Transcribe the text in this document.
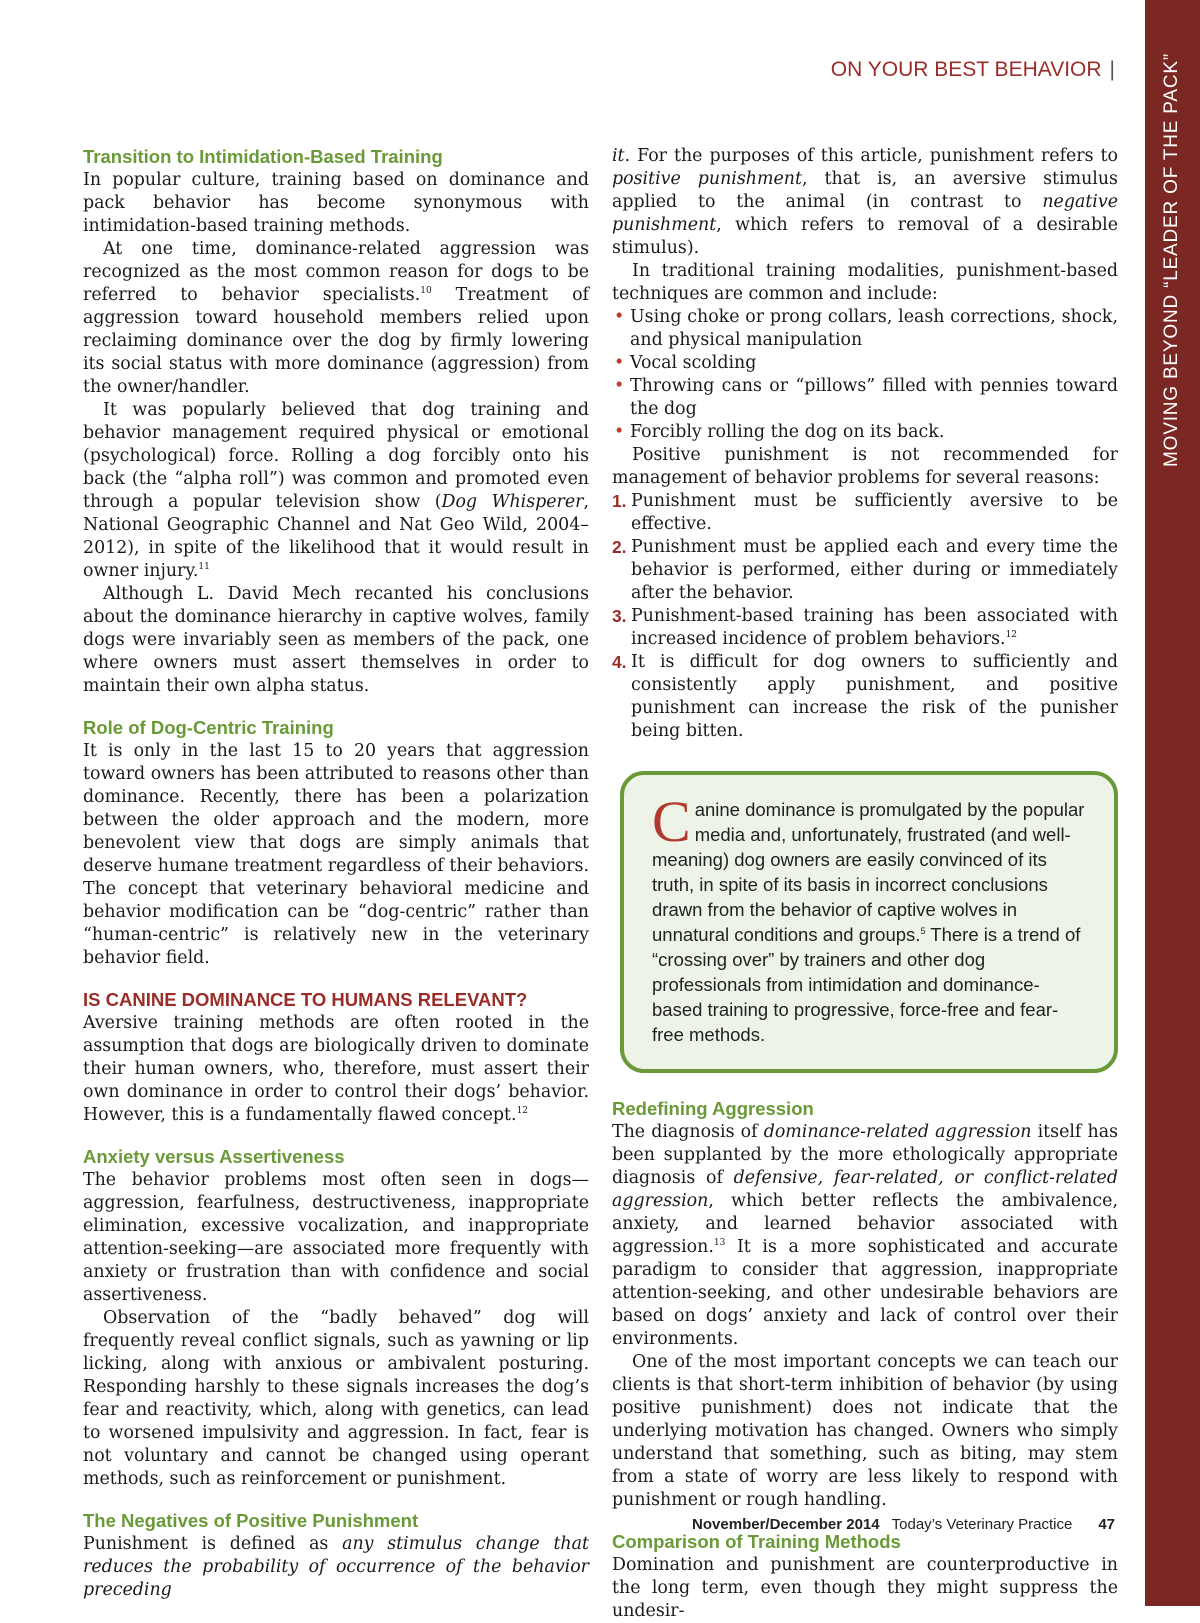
MOVING BEYOND “LEADER OF THE PACK”
ON YOUR BEST BEHAVIOR |
Transition to Intimidation-Based Training

In popular culture, training based on dominance and pack behavior has become synonymous with intimidation-based training methods.

At one time, dominance-related aggression was recognized as the most common reason for dogs to be referred to behavior specialists.$^{10}$ Treatment of aggression toward household members relied upon reclaiming dominance over the dog by firmly lowering its social status with more dominance (aggression) from the owner/handler.

It was popularly believed that dog training and behavior management required physical or emotional (psychological) force. Rolling a dog forcibly onto his back (the “alpha roll”) was common and promoted even through a popular television show (Dog Whisperer, National Geographic Channel and Nat Geo Wild, 2004–2012), in spite of the likelihood that it would result in owner injury.$^{11}$

Although L. David Mech recanted his conclusions about the dominance hierarchy in captive wolves, family dogs were invariably seen as members of the pack, one where owners must assert themselves in order to maintain their own alpha status.

Role of Dog-Centric Training

It is only in the last 15 to 20 years that aggression toward owners has been attributed to reasons other than dominance. Recently, there has been a polarization between the older approach and the modern, more benevolent view that dogs are simply animals that deserve humane treatment regardless of their behaviors. The concept that veterinary behavioral medicine and behavior modification can be “dog-centric” rather than “human-centric” is relatively new in the veterinary behavior field.

IS CANINE DOMINANCE TO HUMANS RELEVANT?

Aversive training methods are often rooted in the assumption that dogs are biologically driven to dominate their human owners, who, therefore, must assert their own dominance in order to control their dogs’ behavior. However, this is a fundamentally flawed concept.$^{12}$

Anxiety versus Assertiveness

The behavior problems most often seen in dogs—aggression, fearfulness, destructiveness, inappropriate elimination, excessive vocalization, and inappropriate attention-seeking—are associated more frequently with anxiety or frustration than with confidence and social assertiveness.

Observation of the “badly behaved” dog will frequently reveal conflict signals, such as yawning or lip licking, along with anxious or ambivalent posturing. Responding harshly to these signals increases the dog’s fear and reactivity, which, along with genetics, can lead to worsened impulsivity and aggression. In fact, fear is not voluntary and cannot be changed using operant methods, such as reinforcement or punishment.

The Negatives of Positive Punishment

Punishment is defined as any stimulus change that reduces the probability of occurrence of the behavior preceding

it. For the purposes of this article, punishment refers to positive punishment, that is, an aversive stimulus applied to the animal (in contrast to negative punishment, which refers to removal of a desirable stimulus).

In traditional training modalities, punishment-based techniques are common and include:

• Using choke or prong collars, leash corrections, shock, and physical manipulation
• Vocal scolding
• Throwing cans or “pillows” filled with pennies toward the dog
• Forcibly rolling the dog on its back.

Positive punishment is not recommended for management of behavior problems for several reasons:

1. Punishment must be sufficiently aversive to be effective.
2. Punishment must be applied each and every time the behavior is performed, either during or immediately after the behavior.
3. Punishment-based training has been associated with increased incidence of problem behaviors.$^{12}$
4. It is difficult for dog owners to sufficiently and consistently apply punishment, and positive punishment can increase the risk of the punisher being bitten.
Canine dominance is promulgated by the popular media and, unfortunately, frustrated (and well-meaning) dog owners are easily convinced of its truth, in spite of its basis in incorrect conclusions drawn from the behavior of captive wolves in unnatural conditions and groups.$^5$ There is a trend of “crossing over” by trainers and other dog professionals from intimidation and dominance-based training to progressive, force-free and fear-free methods.
Redefining Aggression

The diagnosis of dominance-related aggression itself has been supplanted by the more ethologically appropriate diagnosis of defensive, fear-related, or conflict-related aggression, which better reflects the ambivalence, anxiety, and learned behavior associated with aggression.$^{13}$ It is a more sophisticated and accurate paradigm to consider that aggression, inappropriate attention-seeking, and other undesirable behaviors are based on dogs’ anxiety and lack of control over their environments.

One of the most important concepts we can teach our clients is that short-term inhibition of behavior (by using positive punishment) does not indicate that the underlying motivation has changed. Owners who simply understand that something, such as biting, may stem from a state of worry are less likely to respond with punishment or rough handling.

Comparison of Training Methods

Domination and punishment are counterproductive in the long term, even though they might suppress the undesir-

November/December 2014 Today’s Veterinary Practice 47
